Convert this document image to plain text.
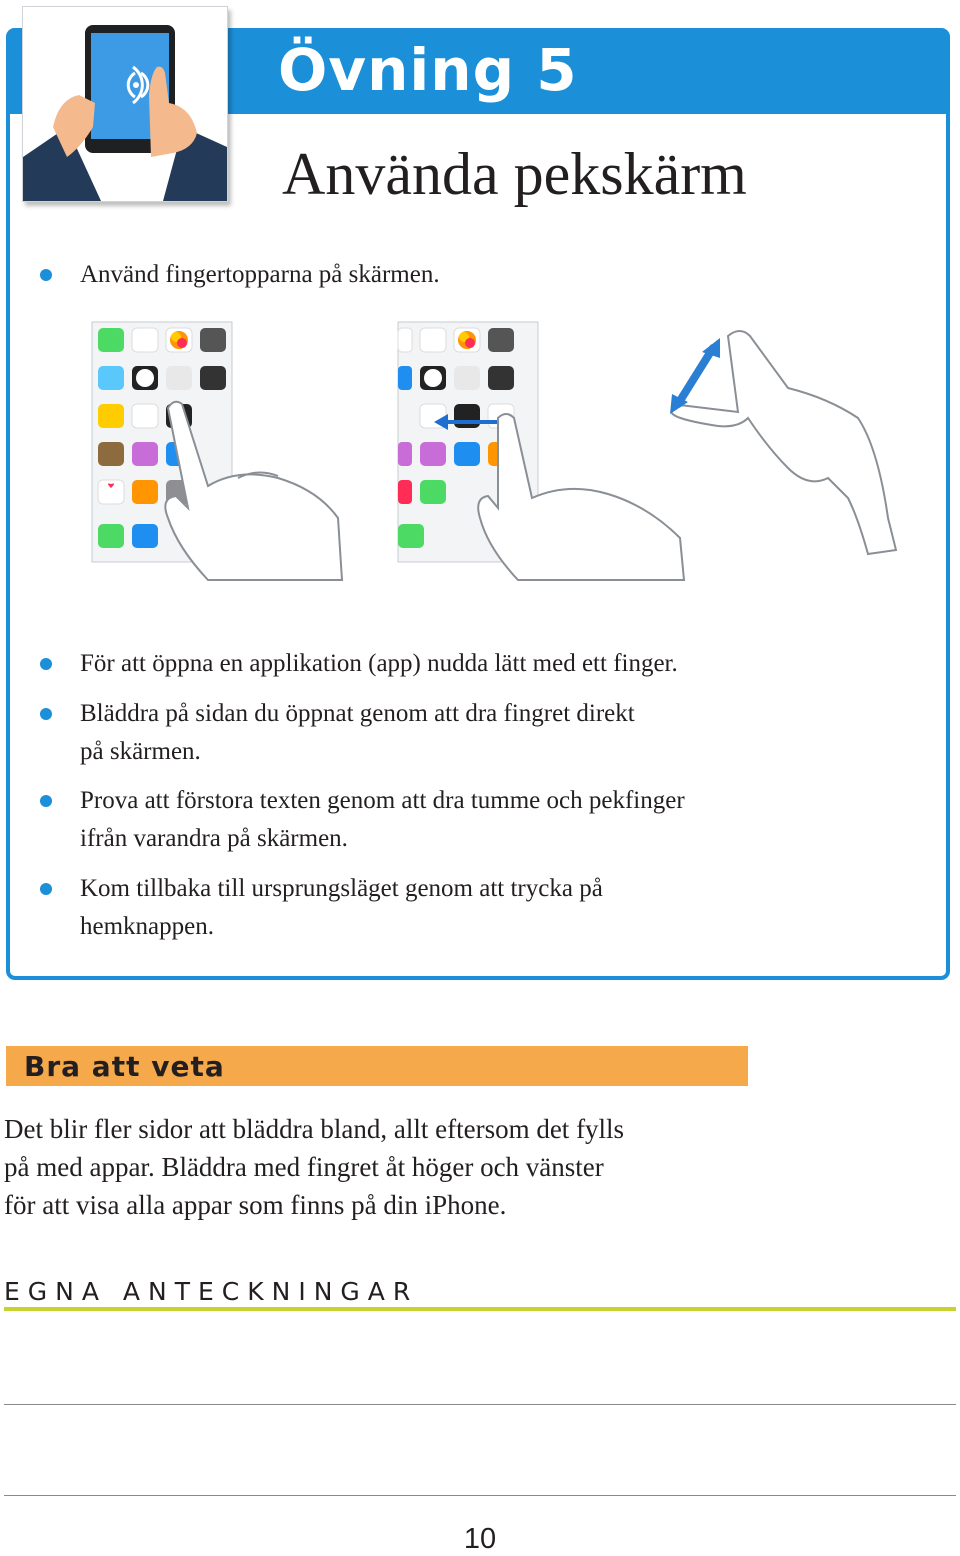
Övning 5
Använda pekskärm
Använd fingertopparna på skärmen.
För att öppna en applikation (app) nudda lätt med ett finger.
Bläddra på sidan du öppnat genom att dra fingret direkt
på skärmen.
Prova att förstora texten genom att dra tumme och pekfinger
ifrån varandra på skärmen.
Kom tillbaka till ursprungsläget genom att trycka på
hemknappen.
Bra att veta
Det blir fler sidor att bläddra bland, allt eftersom det fylls
på med appar. Bläddra med fingret åt höger och vänster
för att visa alla appar som finns på din iPhone.
EGNA ANTECKNINGAR
10
